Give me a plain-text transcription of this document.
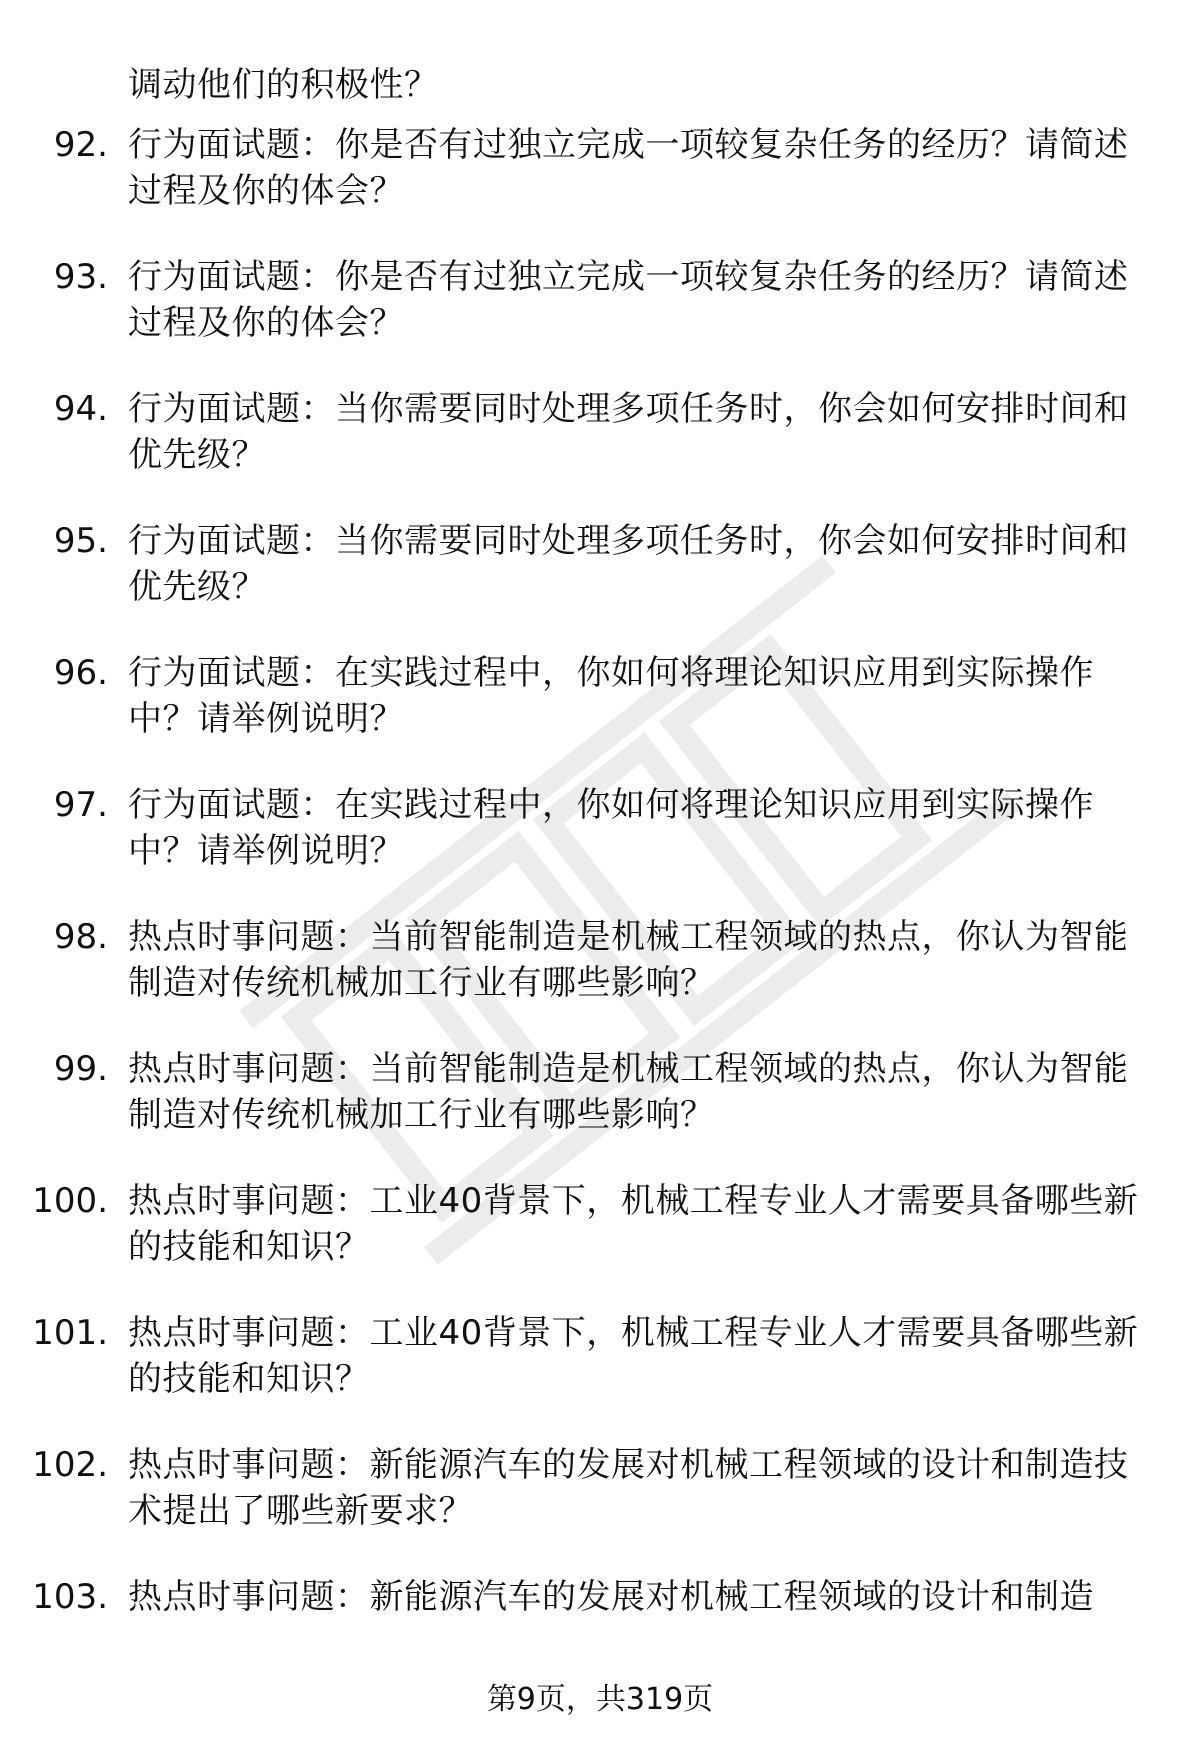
调动他们的积极性？
92. 行为面试题：你是否有过独立完成一项较复杂任务的经历？请简述过程及你的体会？
93. 行为面试题：你是否有过独立完成一项较复杂任务的经历？请简述过程及你的体会？
94. 行为面试题：当你需要同时处理多项任务时，你会如何安排时间和优先级？
95. 行为面试题：当你需要同时处理多项任务时，你会如何安排时间和优先级？
96. 行为面试题：在实践过程中，你如何将理论知识应用到实际操作中？请举例说明？
97. 行为面试题：在实践过程中，你如何将理论知识应用到实际操作中？请举例说明？
98. 热点时事问题：当前智能制造是机械工程领域的热点，你认为智能制造对传统机械加工行业有哪些影响？
99. 热点时事问题：当前智能制造是机械工程领域的热点，你认为智能制造对传统机械加工行业有哪些影响？
100. 热点时事问题：工业40背景下，机械工程专业人才需要具备哪些新的技能和知识？
101. 热点时事问题：工业40背景下，机械工程专业人才需要具备哪些新的技能和知识？
102. 热点时事问题：新能源汽车的发展对机械工程领域的设计和制造技术提出了哪些新要求？
103. 热点时事问题：新能源汽车的发展对机械工程领域的设计和制造
第9页，共319页
